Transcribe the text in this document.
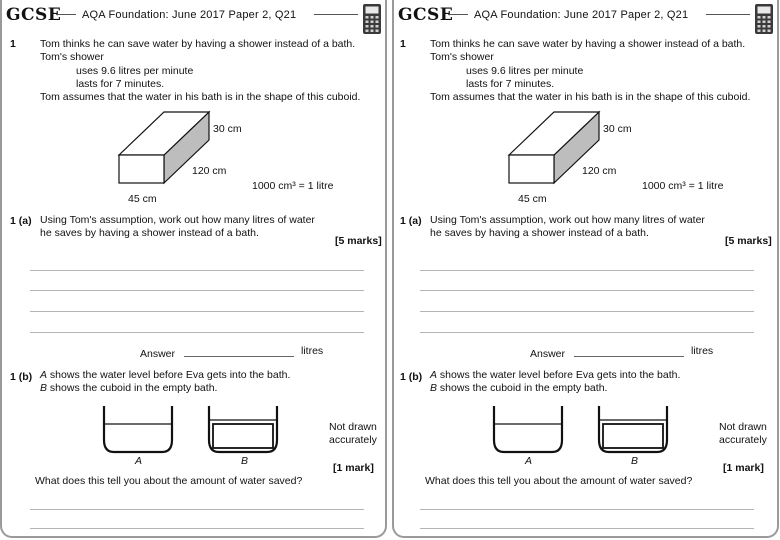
GCSE AQA Foundation: June 2017 Paper 2, Q21
1 Tom thinks he can save water by having a shower instead of a bath.
Tom's shower
uses 9.6 litres per minute
lasts for 7 minutes.
Tom assumes that the water in his bath is in the shape of this cuboid.
30 cm
120 cm
45 cm
1000 cm³ = 1 litre
1 (a) Using Tom's assumption, work out how many litres of water
he saves by having a shower instead of a bath.
[5 marks]
Answer	litres
1 (b) A shows the water level before Eva gets into the bath.
B shows the cuboid in the empty bath.
Not drawn
accurately
A	B
[1 mark]
What does this tell you about the amount of water saved?
GCSE AQA Foundation: June 2017 Paper 2, Q21
1 Tom thinks he can save water by having a shower instead of a bath.
Tom's shower
uses 9.6 litres per minute
lasts for 7 minutes.
Tom assumes that the water in his bath is in the shape of this cuboid.
30 cm
120 cm
45 cm
1000 cm³ = 1 litre
1 (a) Using Tom's assumption, work out how many litres of water
he saves by having a shower instead of a bath.
[5 marks]
Answer	litres
1 (b) A shows the water level before Eva gets into the bath.
B shows the cuboid in the empty bath.
Not drawn
accurately
A	B
[1 mark]
What does this tell you about the amount of water saved?
